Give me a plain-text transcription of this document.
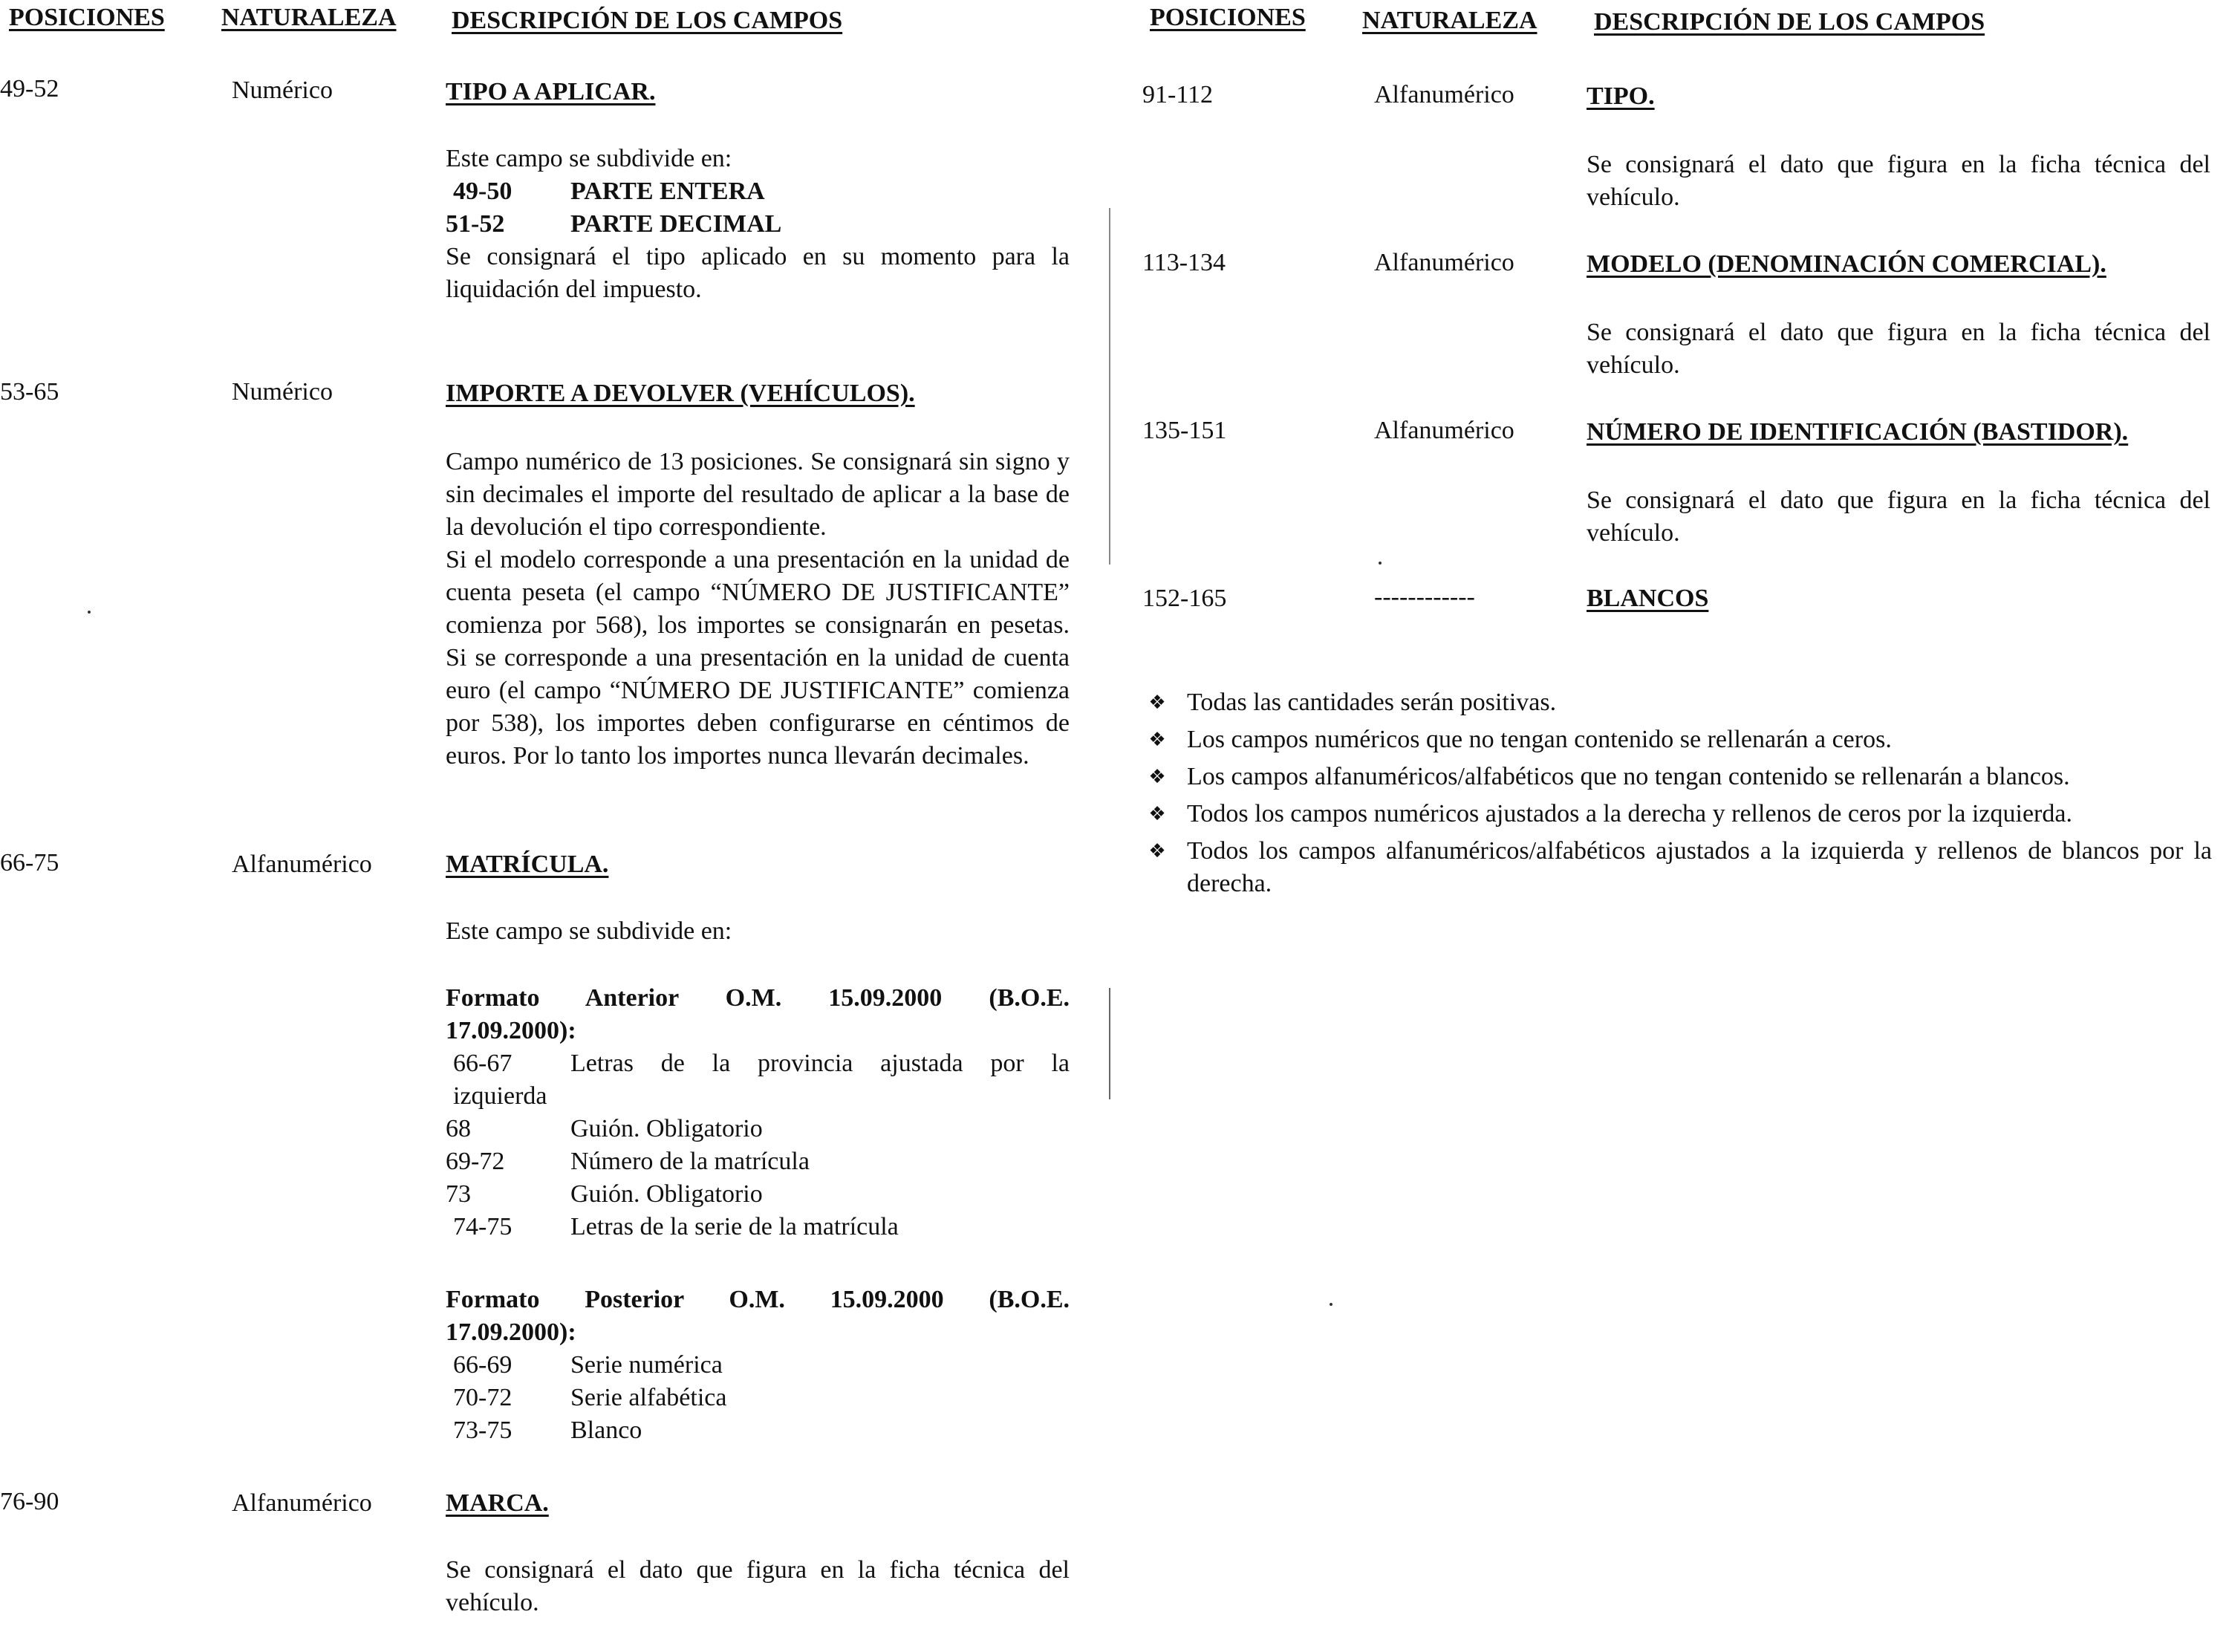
POSICIONES NATURALEZA DESCRIPCIÓN DE LOS CAMPOS	POSICIONES NATURALEZA DESCRIPCIÓN DE LOS CAMPOS
49-52	Numérico	TIPO A APLICAR.

Este campo se subdivide en:

49-50	PARTE ENTERA
51-52	PARTE DECIMAL

Se consignará el tipo aplicado en su momento para la liquidación del impuesto.

53-65	Numérico	IMPORTE A DEVOLVER (VEHÍCULOS).

Campo numérico de 13 posiciones. Se consignará sin signo y sin decimales el importe del resultado de aplicar a la base de la devolución el tipo correspondiente.

Si el modelo corresponde a una presentación en la unidad de cuenta peseta (el campo “NÚMERO DE JUSTIFICANTE” comienza por 568), los importes se consignarán en pesetas. Si se corresponde a una presentación en la unidad de cuenta euro (el campo “NÚMERO DE JUSTIFICANTE” comienza por 538), los importes deben configurarse en céntimos de euros. Por lo tanto los importes nunca llevarán decimales.

66-75	Alfanumérico	MATRÍCULA.

Este campo se subdivide en:

Formato Anterior O.M. 15.09.2000 (B.O.E.
17.09.2000):
66-67	Letras de la provincia ajustada por la
izquierda
68	Guión. Obligatorio
69-72	Número de la matrícula
73	Guión. Obligatorio
74-75	Letras de la serie de la matrícula
Formato Posterior O.M. 15.09.2000 (B.O.E.
17.09.2000):
66-69	Serie numérica
70-72	Serie alfabética
73-75	Blanco
76-90	Alfanumérico	MARCA.

Se consignará el dato que figura en la ficha técnica del vehículo.

91-112	Alfanumérico	TIPO.

Se consignará el dato que figura en la ficha técnica del vehículo.

113-134	Alfanumérico	MODELO (DENOMINACIÓN COMERCIAL).

Se consignará el dato que figura en la ficha técnica del vehículo.

135-151	Alfanumérico	NÚMERO DE IDENTIFICACIÓN (BASTIDOR).

Se consignará el dato que figura en la ficha técnica del vehículo.

152-165	------------	BLANCOS
❖ Todas las cantidades serán positivas.
❖ Los campos numéricos que no tengan contenido se rellenarán a ceros.
❖ Los campos alfanuméricos/alfabéticos que no tengan contenido se rellenarán a blancos.
❖ Todos los campos numéricos ajustados a la derecha y rellenos de ceros por la izquierda.
❖ Todos los campos alfanuméricos/alfabéticos ajustados a la izquierda y rellenos de blancos por la derecha.
